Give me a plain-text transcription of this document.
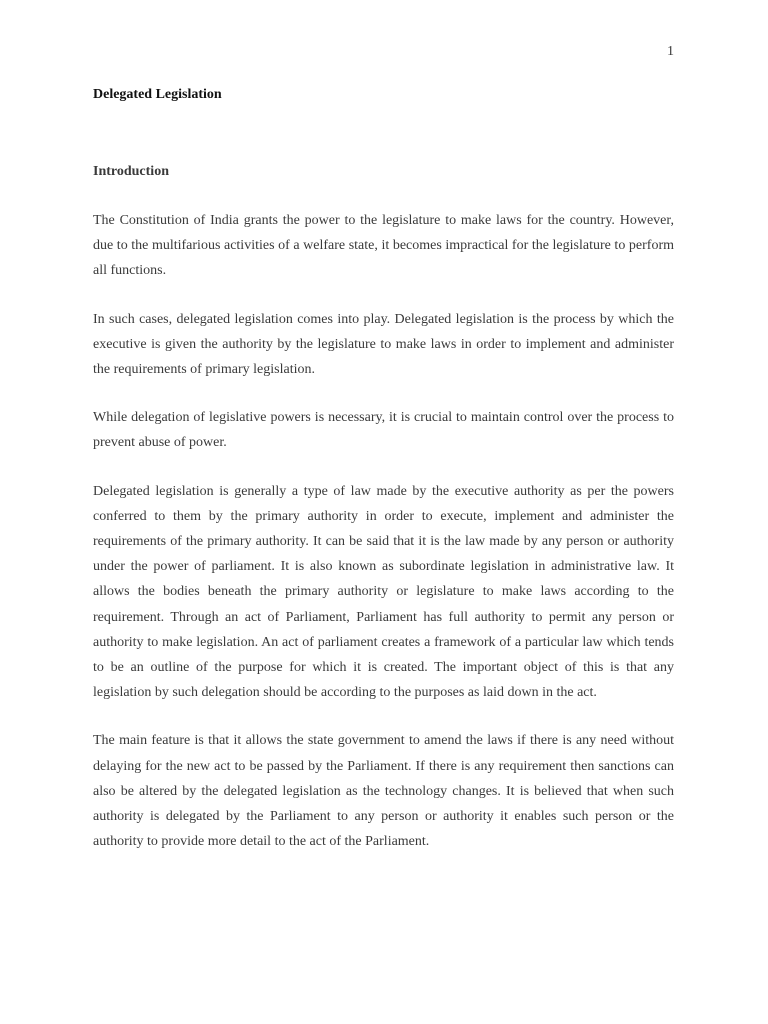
1
Delegated Legislation
Introduction

The Constitution of India grants the power to the legislature to make laws for the country. However, due to the multifarious activities of a welfare state, it becomes impractical for the legislature to perform all functions.

In such cases, delegated legislation comes into play. Delegated legislation is the process by which the executive is given the authority by the legislature to make laws in order to implement and administer the requirements of primary legislation.

While delegation of legislative powers is necessary, it is crucial to maintain control over the process to prevent abuse of power.

Delegated legislation is generally a type of law made by the executive authority as per the powers conferred to them by the primary authority in order to execute, implement and administer the requirements of the primary authority. It can be said that it is the law made by any person or authority under the power of parliament. It is also known as subordinate legislation in administrative law. It allows the bodies beneath the primary authority or legislature to make laws according to the requirement. Through an act of Parliament, Parliament has full authority to permit any person or authority to make legislation. An act of parliament creates a framework of a particular law which tends to be an outline of the purpose for which it is created. The important object of this is that any legislation by such delegation should be according to the purposes as laid down in the act.

The main feature is that it allows the state government to amend the laws if there is any need without delaying for the new act to be passed by the Parliament. If there is any requirement then sanctions can also be altered by the delegated legislation as the technology changes. It is believed that when such authority is delegated by the Parliament to any person or authority it enables such person or the authority to provide more detail to the act of the Parliament.
